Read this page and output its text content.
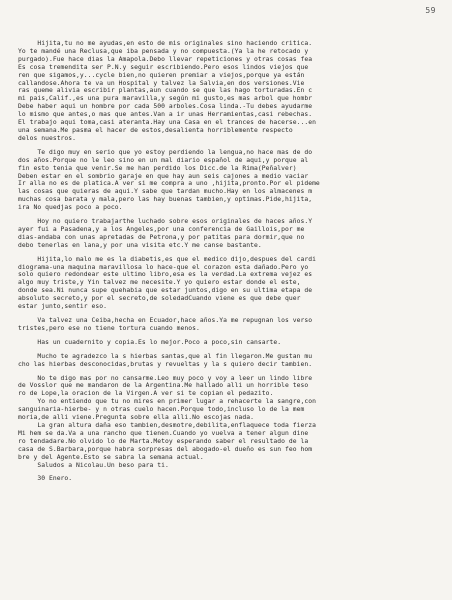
59
Hijita,tu no me ayudas,en esto de mis originales sino haciendo critica.
Yo te mandé una Reclusa,que iba pensada y no compuesta.(Ya la he retocado y
purgado).Fue hace dias la Amapola.Debo llevar repeticiones y otras cosas fea
Es cosa tremendita ser P.N.y seguir escribiendo.Pero esos lindos viejos que
ren que sigamos,y...cycle bien,no quieren premiar a viejos,porque ya están
callandose.Ahora te va un Hospital y talvez la Salvia,en dos versiones.Vie
ras queme alivia escribir plantas,aun cuando se que las hago torturadas.En c
mi pais,Calif.,es una pura maravilla,y según mi gusto,es mas arbol que hombr
Debe haber aqui un hombre por cada 500 arboles.Cosa linda.-Tu debes ayudarme
lo mismo que antes,o mas que antes.Van a ir unas Herramientas,casi rebechas.
El trabajo aqui toma,casi ateranta.Hay una Casa en el trances de hacerse...en
una semana.Me pasma el hacer de estos,desalienta horriblemente respecto
delos nuestros.
Te digo muy en serio que yo estoy perdiendo la lengua,no hace mas de do
dos años.Porque no le leo sino en un mal diario español de aqui,y porque al
fin esto tenia que venir.Se me han perdido los Dicc.de la Rima(Peñalver)
Deben estar en el sombrio garaje en que hay aun seis cajones a medio vaciar
Ir alla no es de platica.A ver si me compra a uno ,hijita,pronto.Por el pideme
las cosas que quieras de aqui.Y sabe que tardan mucho.Hay en los almacenes m
muchas cosa barata y mala,pero las hay buenas tambien,y optimas.Pide,hijita,
ira No quedjas poco a poco.
Hoy no quiero trabajarthe luchado sobre esos originales de haces años.Y
ayer fui a Pasadena,y a los Angeles,por una conferencia de Gaillois,por me
dias-andaba con unas apretadas de Petrona,y por patitas para dormir,que no
debo tenerlas en lana,y por una visita etc.Y me canse bastante.
Hijita,lo malo me es la diabetis,es que el medico dijo,despues del cardi
diograma-una maquina maravillosa lo hace-que el corazon esta dañado.Pero yo
solo quiero redondear este ultimo libro,esa es la verdad.La extrema vejez es
algo muy triste,y Yin talvez me necesite.Y yo quiero estar donde el este,
donde sea.Ni nunca supe quehabia que estar juntos,digo en su ultima etapa de
absoluto secreto,y por el secreto,de soledadCuando viene es que debe quer
estar junto,sentir eso.
Va talvez una Ceiba,hecha en Ecuador,hace años.Ya me repugnan los verso
tristes,pero ese no tiene tortura cuando menos.
Has un cuadernito y copia.Es lo mejor.Poco a poco,sin cansarte.
Mucho te agradezco la s hierbas santas,que al fin llegaron.Me gustan mu
cho las hierbas desconocidas,brutas y revueltas y la s quiero decir tambien.
No te digo mas por no cansarme.Leo muy poco y voy a leer un lindo libre
de Vosslor que me mandaron de la Argentina.Me hallado alli un horrible teso
ro de Lope,la oracion de la Virgen.A ver si te copian el pedazito.
Yo no entiendo que tu no mires en primer lugar a rehacerte la sangre,con
sanguinaria-hierbe- y n otras cuelo hacen.Porque todo,incluso lo de la mem
moria,de alli viene.Pregunta sobre ella alli.No escojas nada.
La gran altura daña eso tambien,desmotre,debilita,enflaquece toda fierza
Mi hem se da.Va a una rancho que tienen.Cuando yo vuelva a tener algun dine
ro tendadare.No olvido lo de Marta.Metoy esperando saber el resultado de la
casa de S.Barbara,porque habra sorpresas del abogado-el dueño es sun feo hom
bre y del Agente.Esto se sabra la semana actual.
Saludos a Nicolau.Un beso para ti.
30 Enero.
